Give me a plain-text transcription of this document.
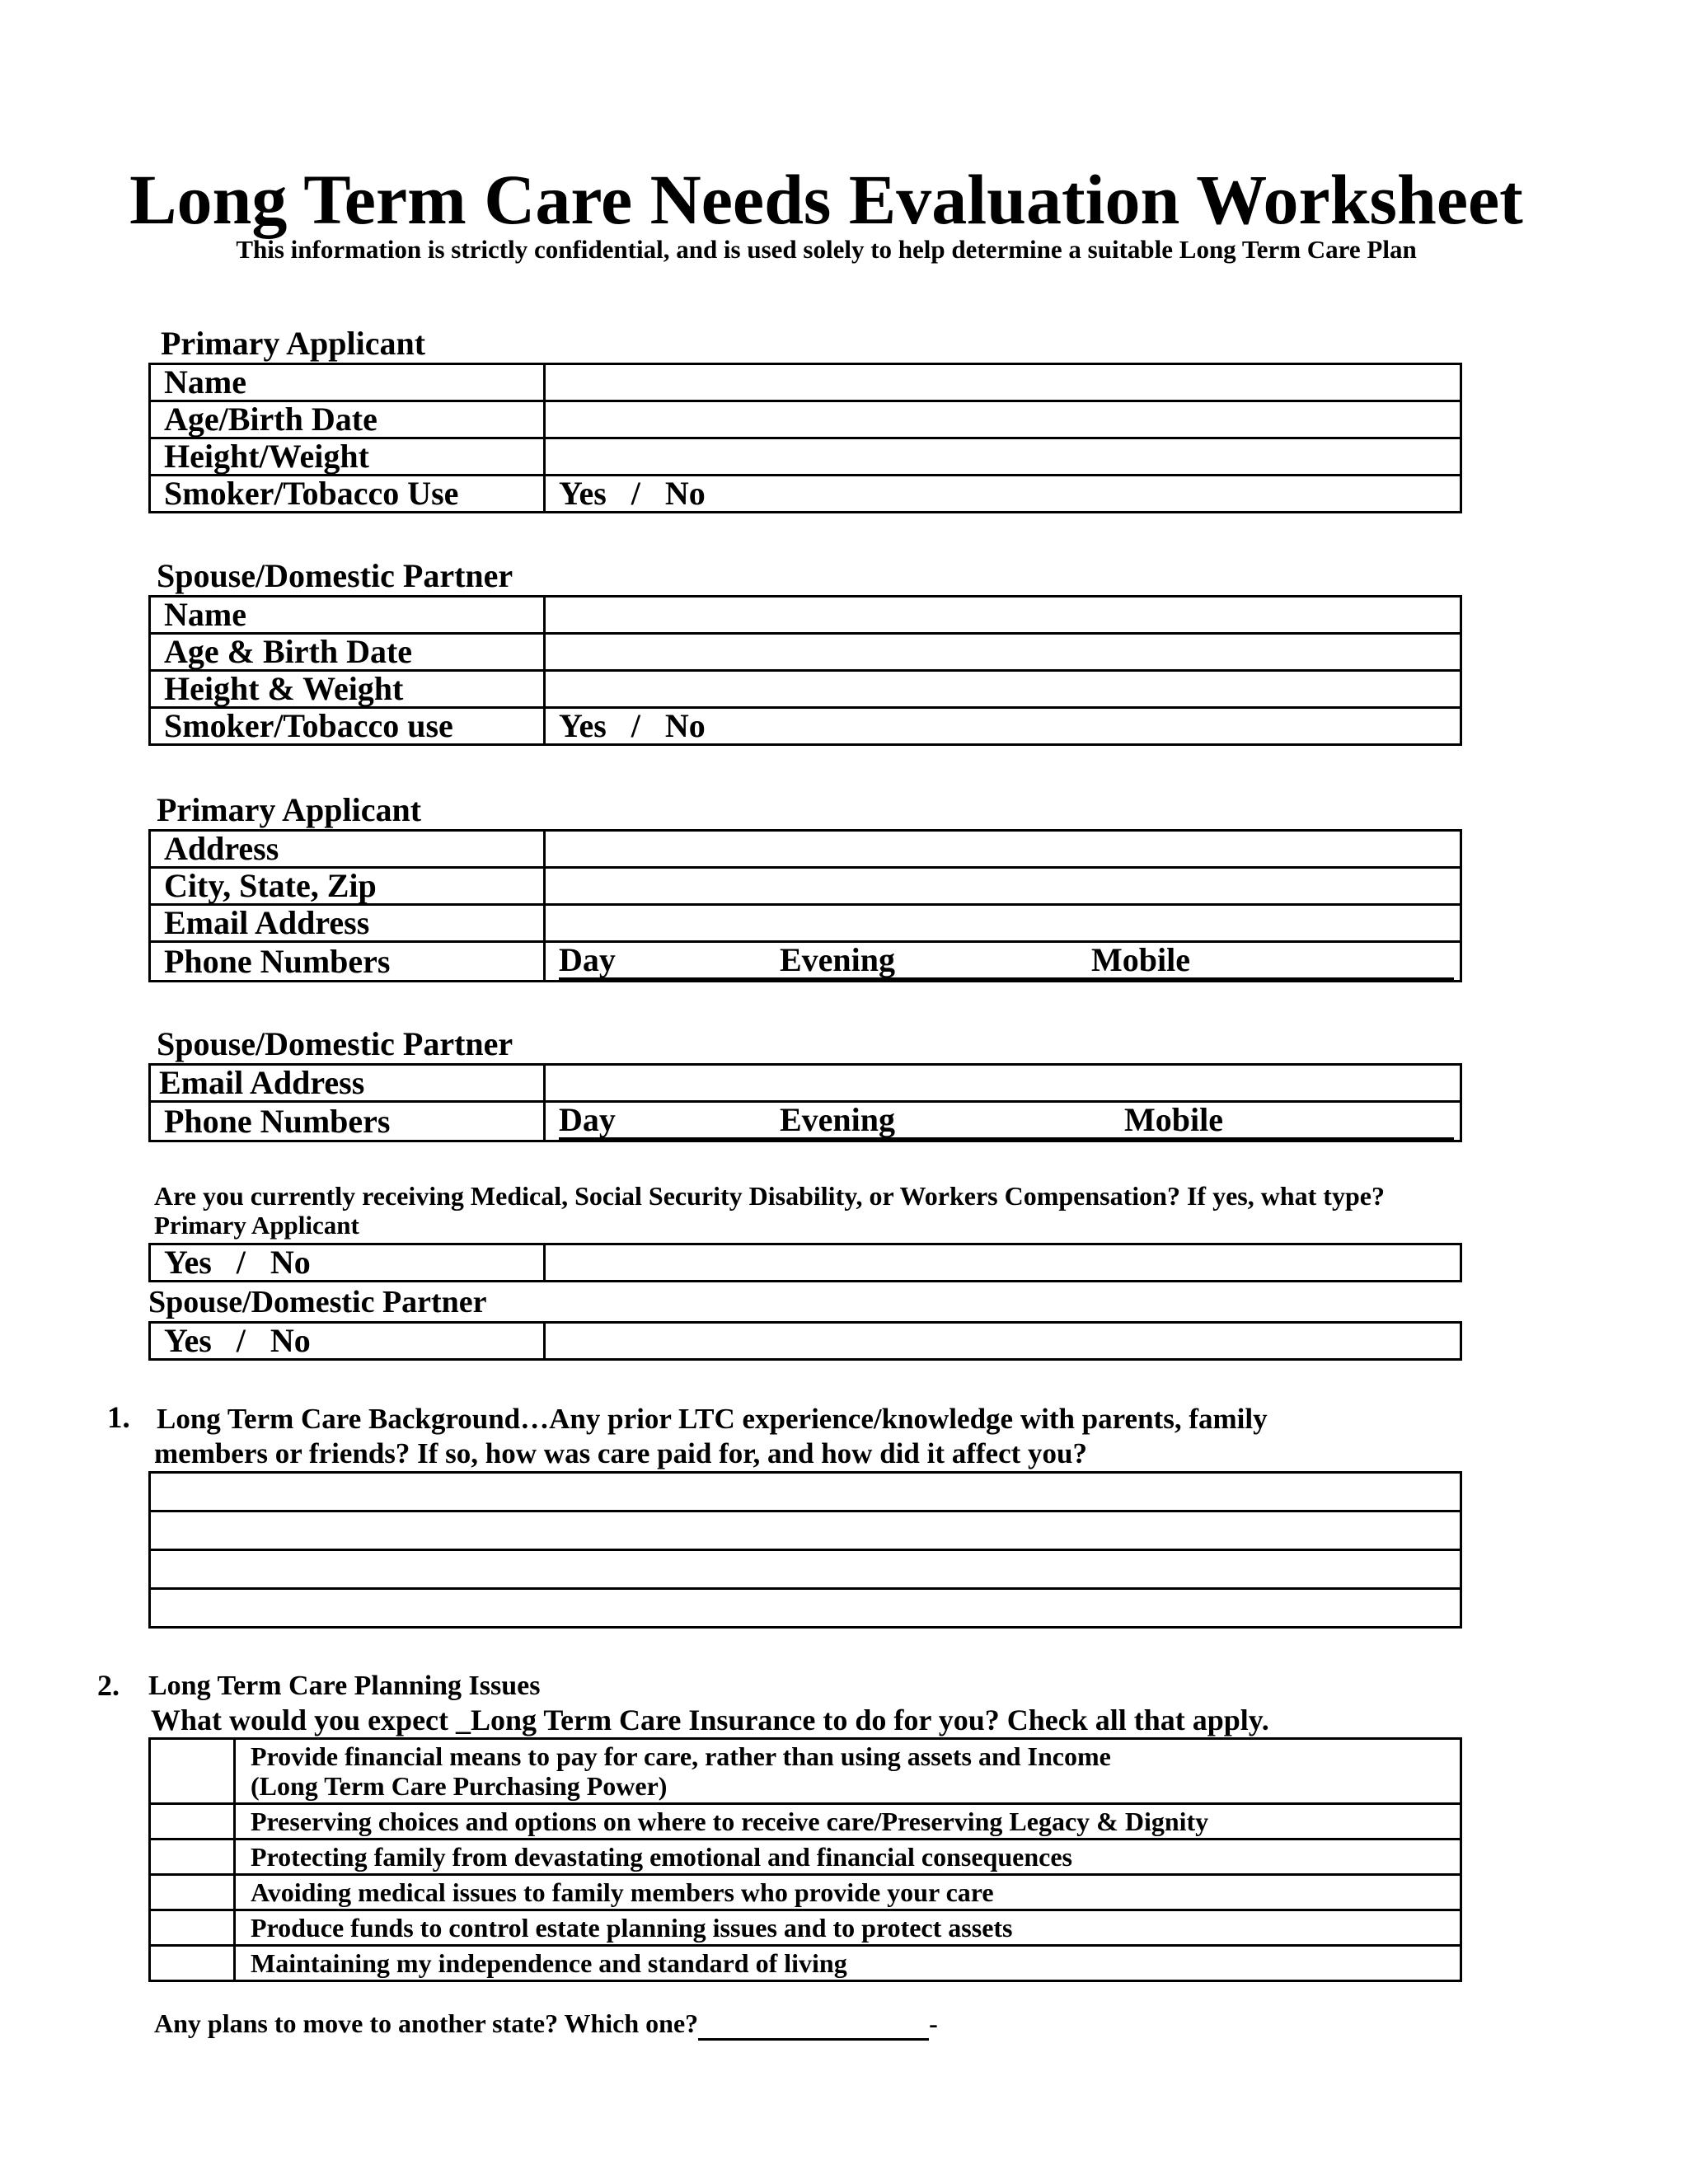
Long Term Care Needs Evaluation Worksheet
This information is strictly confidential, and is used solely to help determine a suitable Long Term Care Plan
Primary Applicant
Name	
Age/Birth Date	
Height/Weight	
Smoker/Tobacco Use	Yes   /   No
Spouse/Domestic Partner
Name	
Age & Birth Date	
Height & Weight	
Smoker/Tobacco use	Yes   /   No
Primary Applicant
Address	
City, State, Zip	
Email Address	
Phone Numbers	Day Evening Mobile
Spouse/Domestic Partner
Email Address	
Phone Numbers	Day Evening Mobile
Are you currently receiving Medical, Social Security Disability, or Workers Compensation? If yes, what type?
Primary Applicant
Yes   /   No	
Spouse/Domestic Partner
Yes   /   No	
1. Long Term Care Background…Any prior LTC experience/knowledge with parents, family
members or friends? If so, how was care paid for, and how did it affect you?

2. Long Term Care Planning Issues
What would you expect _Long Term Care Insurance to do for you? Check all that apply.
	Provide financial means to pay for care, rather than using assets and Income
(Long Term Care Purchasing Power)
	Preserving choices and options on where to receive care/Preserving Legacy & Dignity
	Protecting family from devastating emotional and financial consequences
	Avoiding medical issues to family members who provide your care
	Produce funds to control estate planning issues and to protect assets
	Maintaining my independence and standard of living
Any plans to move to another state? Which one?	-
